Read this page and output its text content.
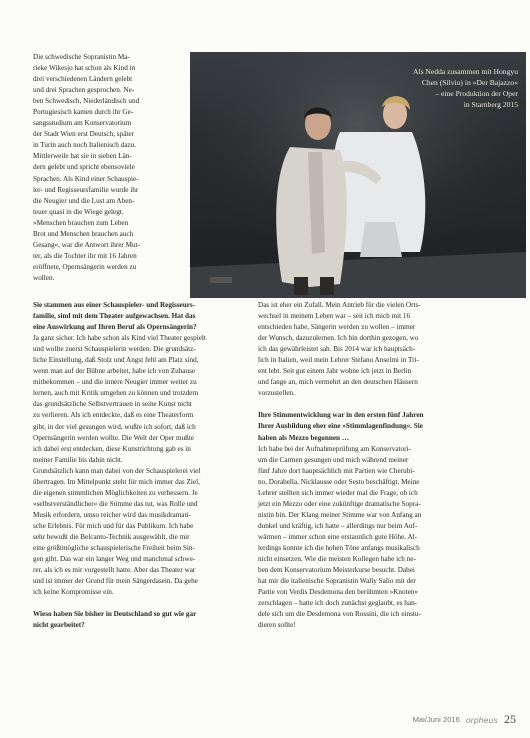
Die schwedische Sopranistin Ma-
rieke Wikesjo hat schon als Kind in
drei verschiedenen Ländern gelebt
und drei Sprachen gesprochen. Ne-
ben Schwedisch, Niederländisch und
Portugiesisch kamen durch ihr Ge-
sangsstudium am Konservatorium
der Stadt Wien erst Deutsch, später
in Turin auch noch Italienisch dazu.
Mittlerweile hat sie in sieben Län-
dern gelebt und spricht ebensoviele
Sprachen. Als Kind einer Schauspie-
ler- und Regisseursfamilie wurde ihr
die Neugier und die Lust am Aben-
teuer quasi in die Wiege gelegt.
»Menschen brauchen zum Leben
Brot und Menschen brauchen auch
Gesang«, war die Antwort ihrer Mut-
ter, als die Tochter ihr mit 16 Jahren
eröffnete, Opernsängerin werden zu
wollen.
Als Nedda zusammen mit Hongyu
Chen (Silvio) in »Der Bajazzo«
– eine Produktion der Oper
in Starnberg 2015

Sie stammen aus einer Schauspieler- und Regisseurs-
familie, sind mit dem Theater aufgewachsen. Hat das
eine Auswirkung auf Ihren Beruf als Opernsängerin?

Ja ganz sicher. Ich habe schon als Kind viel Theater gespielt
und wollte zuerst Schauspielerin werden. Die grundsätz-
liche Einstellung, daß Stolz und Angst fehl am Platz sind,
wenn man auf der Bühne arbeitet, habe ich von Zuhause
mitbekommen – und die innere Neugier immer weiter zu
lernen, auch mit Kritik umgehen zu können und trotzdem
das grundsätzliche Selbstvertrauen in seine Kunst nicht
zu verlieren. Als ich entdeckte, daß es eine Theaterform
gibt, in der viel gesungen wird, wußte ich sofort, daß ich
Opernsängerin werden wollte. Die Welt der Oper mußte
ich dabei erst entdecken, diese Kunstrichtung gab es in
meiner Familie bis dahin nicht.

Grundsätzlich kann man dabei von der Schauspielerei viel
übertragen. Im Mittelpunkt steht für mich immer das Ziel,
die eigenen stimmlichen Möglichkeiten zu verbessern. Je
»selbstverständlicher« die Stimme das tut, was Rolle und
Musik erfordern, umso reicher wird das musikdramati-
sche Erlebnis. Für mich und für das Publikum. Ich habe
sehr bewußt die Belcanto-Technik ausgewählt, die mir
eine größtmögliche schauspielerische Freiheit beim Sin-
gen gibt. Das war ein langer Weg und manchmal schwe-
rer, als ich es mir vorgestellt hatte. Aber das Theater war
und ist immer der Grund für mein Sängerdasein. Da gehe
ich keine Kompromisse ein.

Wieso haben Sie bisher in Deutschland so gut wie gar
nicht gearbeitet?

Das ist eher ein Zufall. Mein Antrieb für die vielen Orts-
wechsel in meinem Leben war – seit ich mich mit 16
entschieden habe, Sängerin werden zu wollen – immer
der Wunsch, dazuzulernen. Ich bin dorthin gezogen, wo
ich das gewährleistet sah. Bis 2014 war ich hauptsäch-
lich in Italien, weil mein Lehrer Stefano Anselmi in Tri-
ent lebt. Seit gut einem Jahr wohne ich jetzt in Berlin
und fange an, mich vermehrt an den deutschen Häusern
vorzustellen.

Ihre Stimmentwicklung war in den ersten fünf Jahren
Ihrer Ausbildung eher eine »Stimmlagenfindung«. Sie
haben als Mezzo begonnen …

Ich habe bei der Aufnahmeprüfung am Konservatori-
um die Carmen gesungen und mich während meiner
fünf Jahre dort hauptsächlich mit Partien wie Cherubi-
no, Dorabella, Nicklausse oder Sesto beschäftigt. Meine
Lehrer stellten sich immer wieder mal die Frage, ob ich
jetzt ein Mezzo oder eine zukünftige dramatische Sopra-
nistin bin. Der Klang meiner Stimme war von Anfang an
dunkel und kräftig, ich hatte – allerdings nur beim Auf-
wärmen – immer schon eine erstaunlich gute Höhe. Al-
lerdings konnte ich die hohen Töne anfangs musikalisch
nicht einsetzen. Wie die meisten Kollegen habe ich ne-
ben dem Konservatorium Meisterkurse besucht. Dabei
hat mir die italienische Sopranistin Wally Salio mit der
Partie von Verdis Desdemona den berühmten »Knoten«
zerschlagen – hatte ich doch zunächst geglaubt, es han-
dele sich um die Desdemona von Rossini, die ich einstu-
dieren sollte!

Mai/Juni 2016 orpheus 25
